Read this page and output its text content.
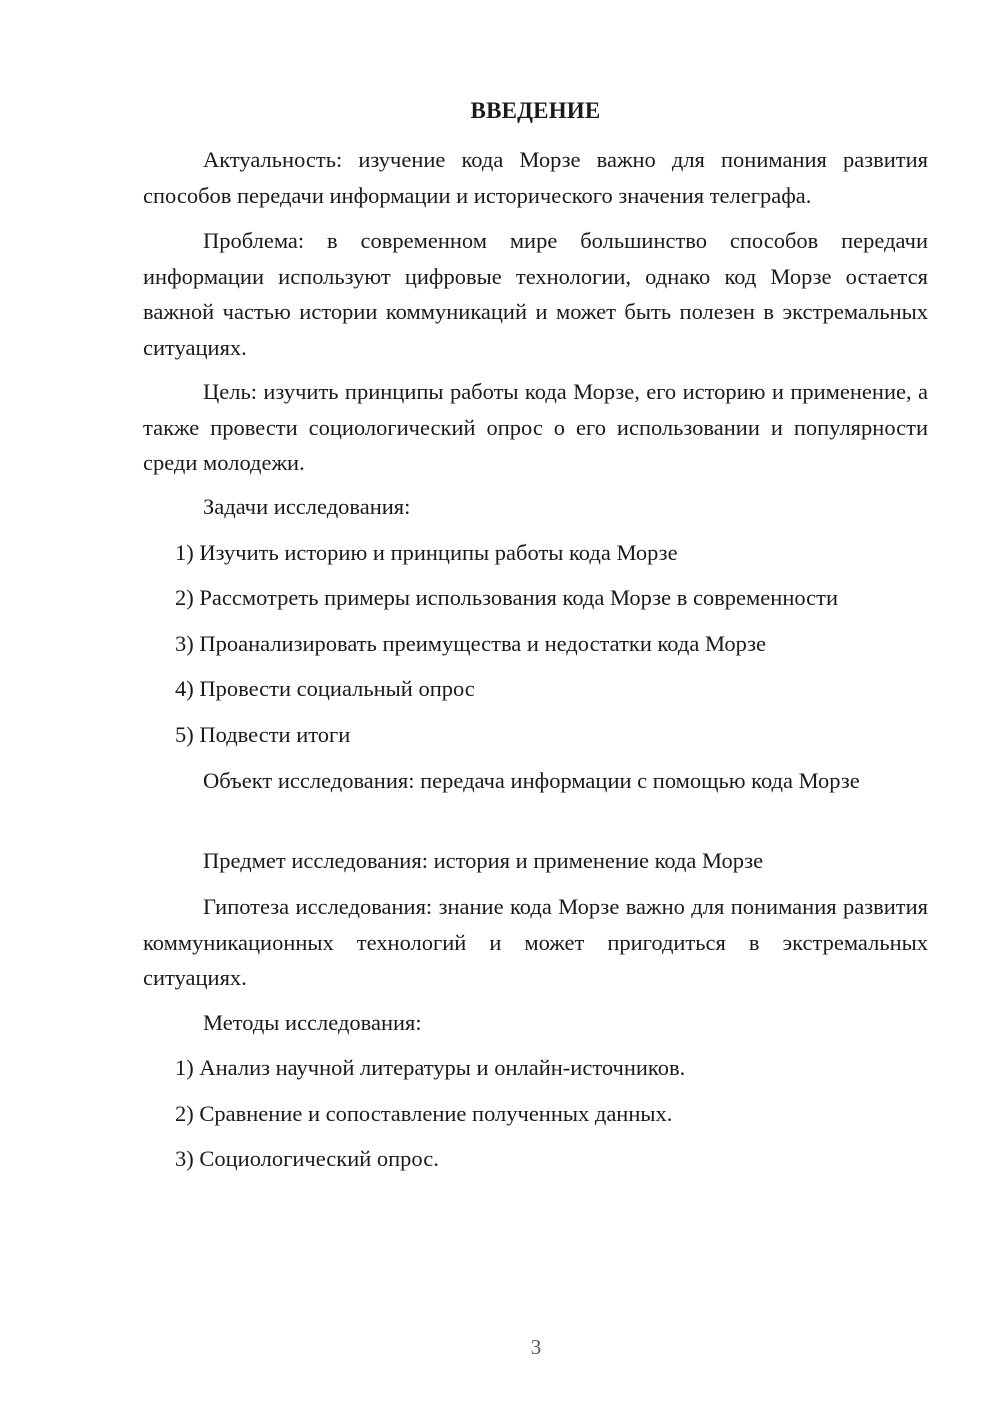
ВВЕДЕНИЕ

Актуальность: изучение кода Морзе важно для понимания развития способов передачи информации и исторического значения телеграфа.

Проблема: в современном мире большинство способов передачи информации используют цифровые технологии, однако код Морзе остается важной частью истории коммуникаций и может быть полезен в экстремальных ситуациях.

Цель: изучить принципы работы кода Морзе, его историю и применение, а также провести социологический опрос о его использовании и популярности среди молодежи.

Задачи исследования:

1) Изучить историю и принципы работы кода Морзе

2) Рассмотреть примеры использования кода Морзе в современности

3) Проанализировать преимущества и недостатки кода Морзе

4) Провести социальный опрос

5) Подвести итоги

Объект исследования: передача информации с помощью кода Морзе

Предмет исследования: история и применение кода Морзе

Гипотеза исследования: знание кода Морзе важно для понимания развития коммуникационных технологий и может пригодиться в экстремальных ситуациях.

Методы исследования:

1) Анализ научной литературы и онлайн-источников.

2) Сравнение и сопоставление полученных данных.

3) Социологический опрос.

3
